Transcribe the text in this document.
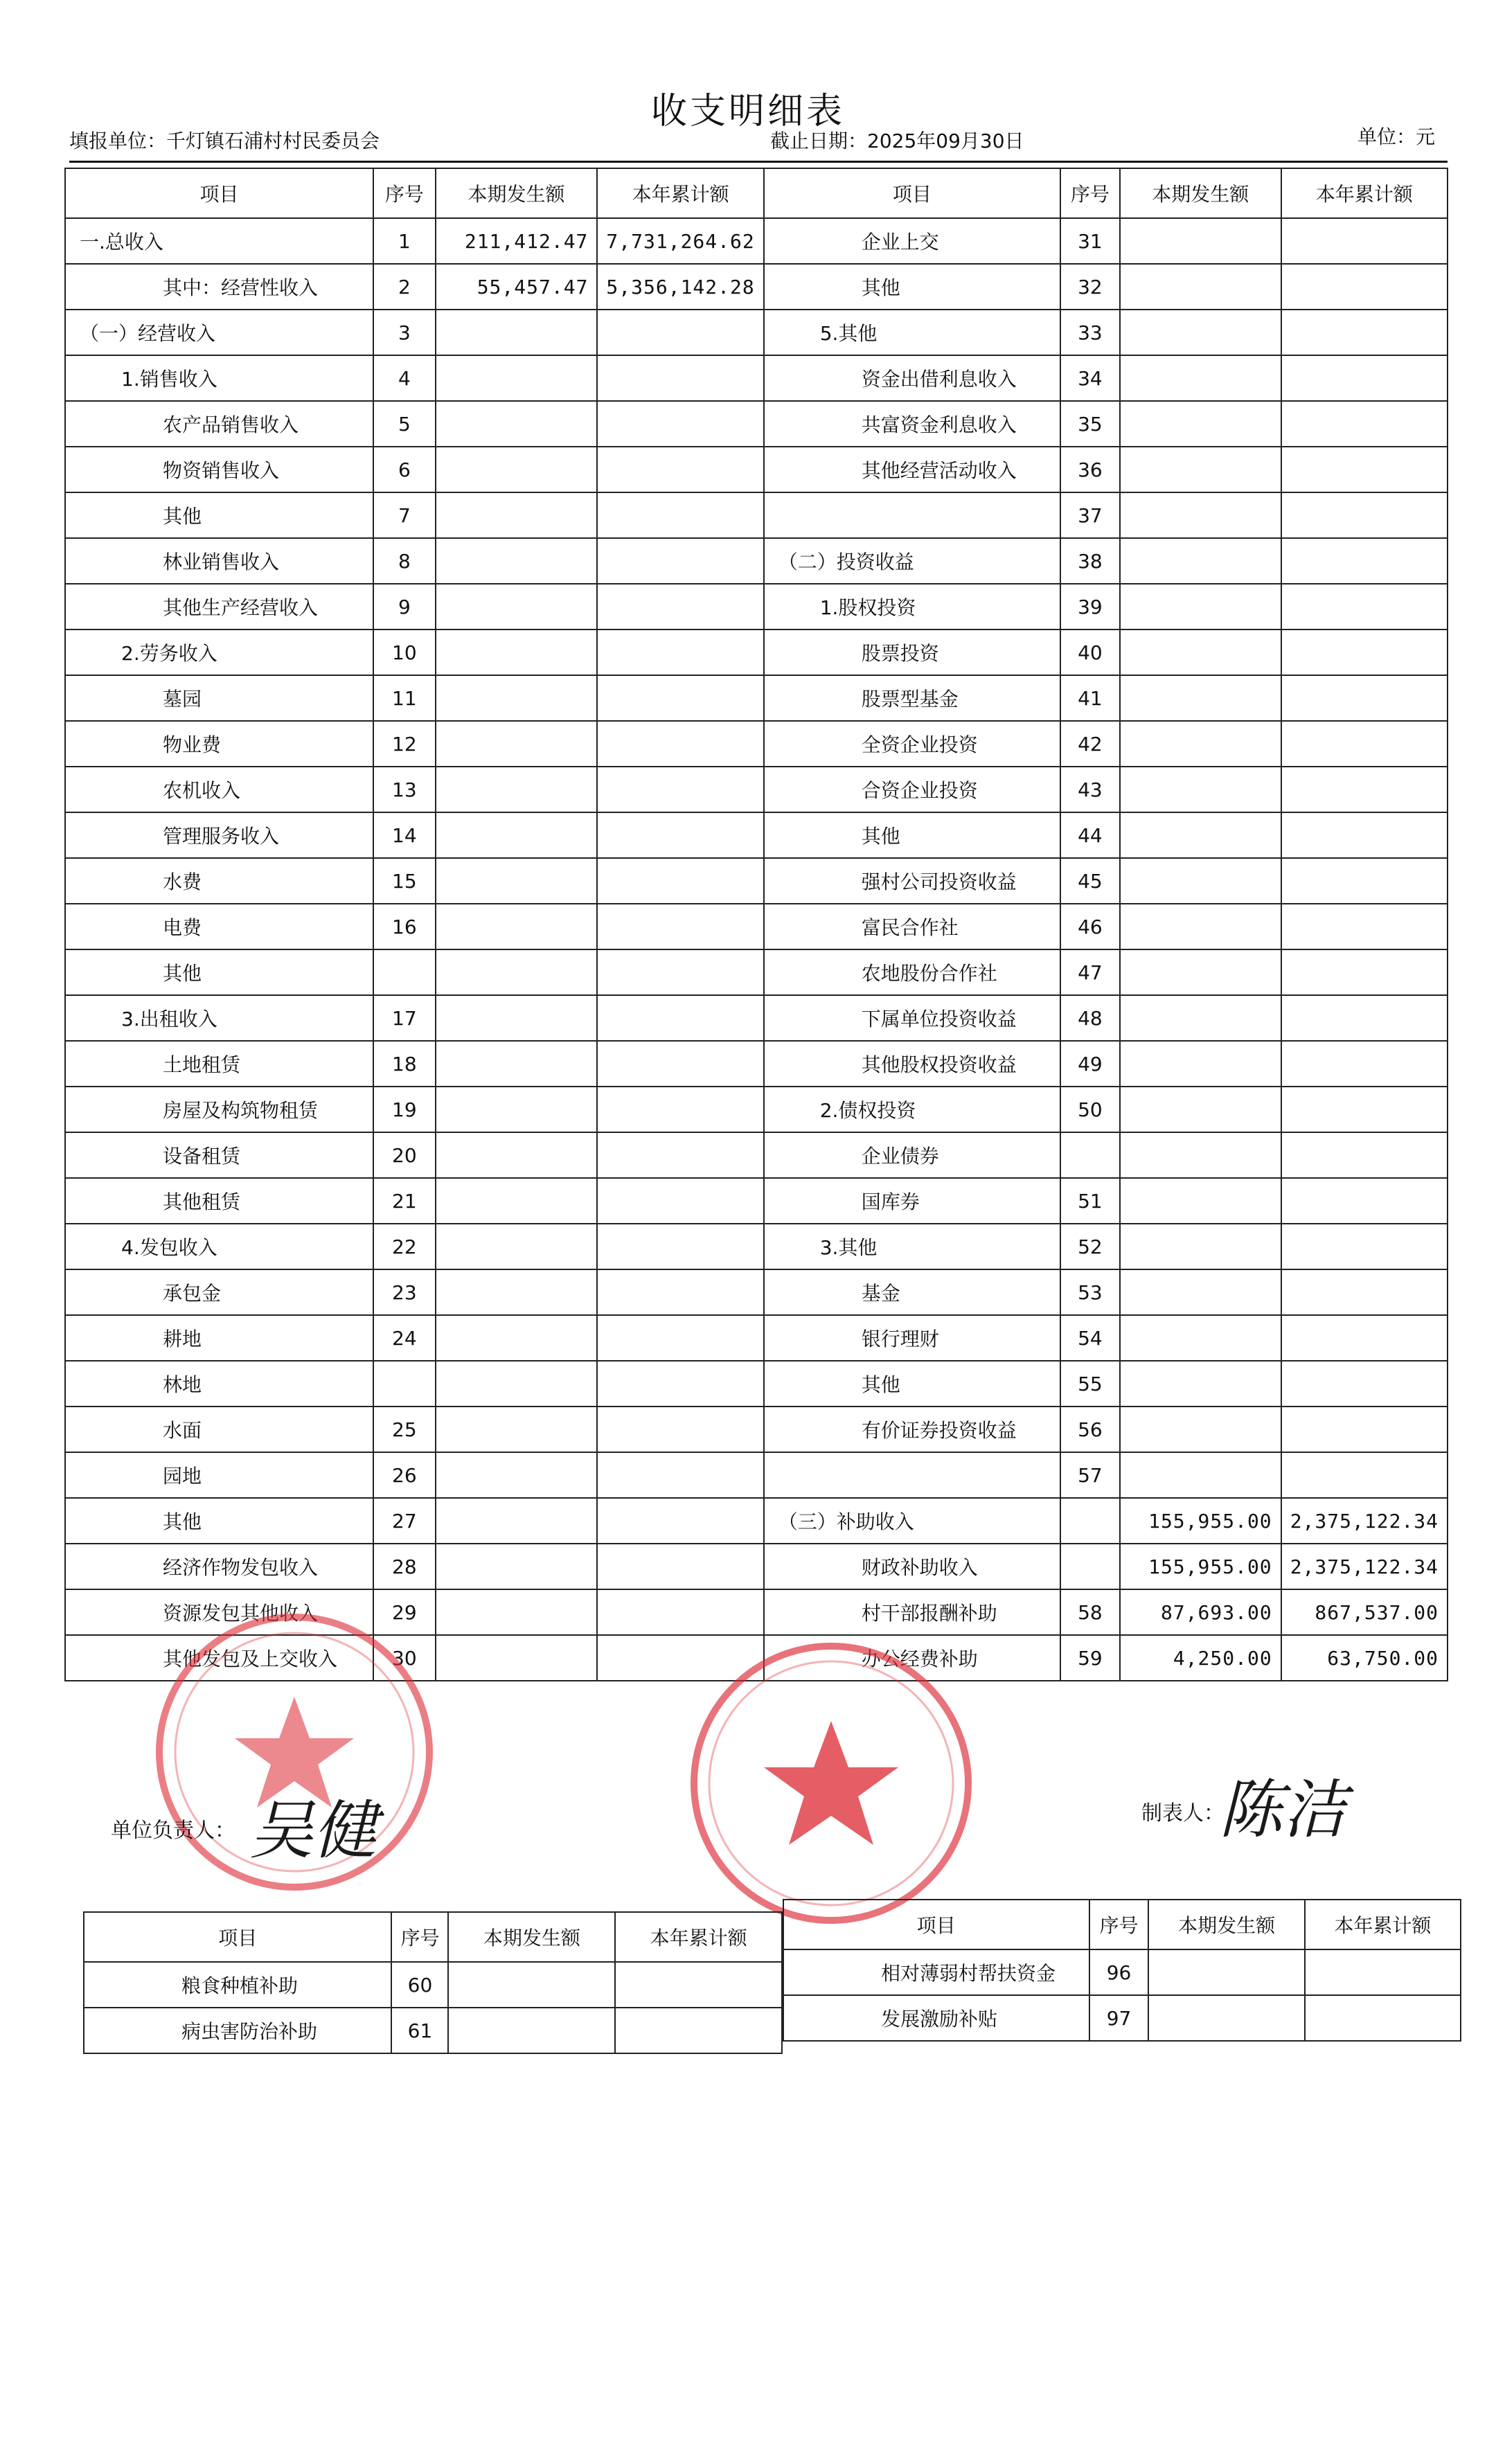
收支明细表
填报单位：千灯镇石浦村村民委员会	截止日期：2025年09月30日	单位：元
项目	序号	本期发生额	本年累计额	项目	序号	本期发生额	本年累计额
一.总收入	1	211,412.47	7,731,264.62	企业上交	31		
其中：经营性收入	2	55,457.47	5,356,142.28	其他	32		
（一）经营收入	3			5.其他	33		
1.销售收入	4			资金出借利息收入	34		
农产品销售收入	5			共富资金利息收入	35		
物资销售收入	6			其他经营活动收入	36		
其他	7				37		
林业销售收入	8			（二）投资收益	38		
其他生产经营收入	9			1.股权投资	39		
2.劳务收入	10			股票投资	40		
墓园	11			股票型基金	41		
物业费	12			全资企业投资	42		
农机收入	13			合资企业投资	43		
管理服务收入	14			其他	44		
水费	15			强村公司投资收益	45		
电费	16			富民合作社	46		
其他				农地股份合作社	47		
3.出租收入	17			下属单位投资收益	48		
土地租赁	18			其他股权投资收益	49		
房屋及构筑物租赁	19			2.债权投资	50		
设备租赁	20			企业债券			
其他租赁	21			国库券	51		
4.发包收入	22			3.其他	52		
承包金	23			基金	53		
耕地	24			银行理财	54		
林地				其他	55		
水面	25			有价证券投资收益	56		
园地	26				57		
其他	27			（三）补助收入		155,955.00	2,375,122.34
经济作物发包收入	28			财政补助收入		155,955.00	2,375,122.34
资源发包其他收入	29			村干部报酬补助	58	87,693.00	867,537.00
其他发包及上交收入	30			办公经费补助	59	4,250.00	63,750.00
单位负责人： 吴健	制表人：
陈洁
项目	序号	本期发生额	本年累计额
粮食种植补助	60		
病虫害防治补助	61		
项目	序号	本期发生额	本年累计额
相对薄弱村帮扶资金	96		
发展激励补贴	97		
